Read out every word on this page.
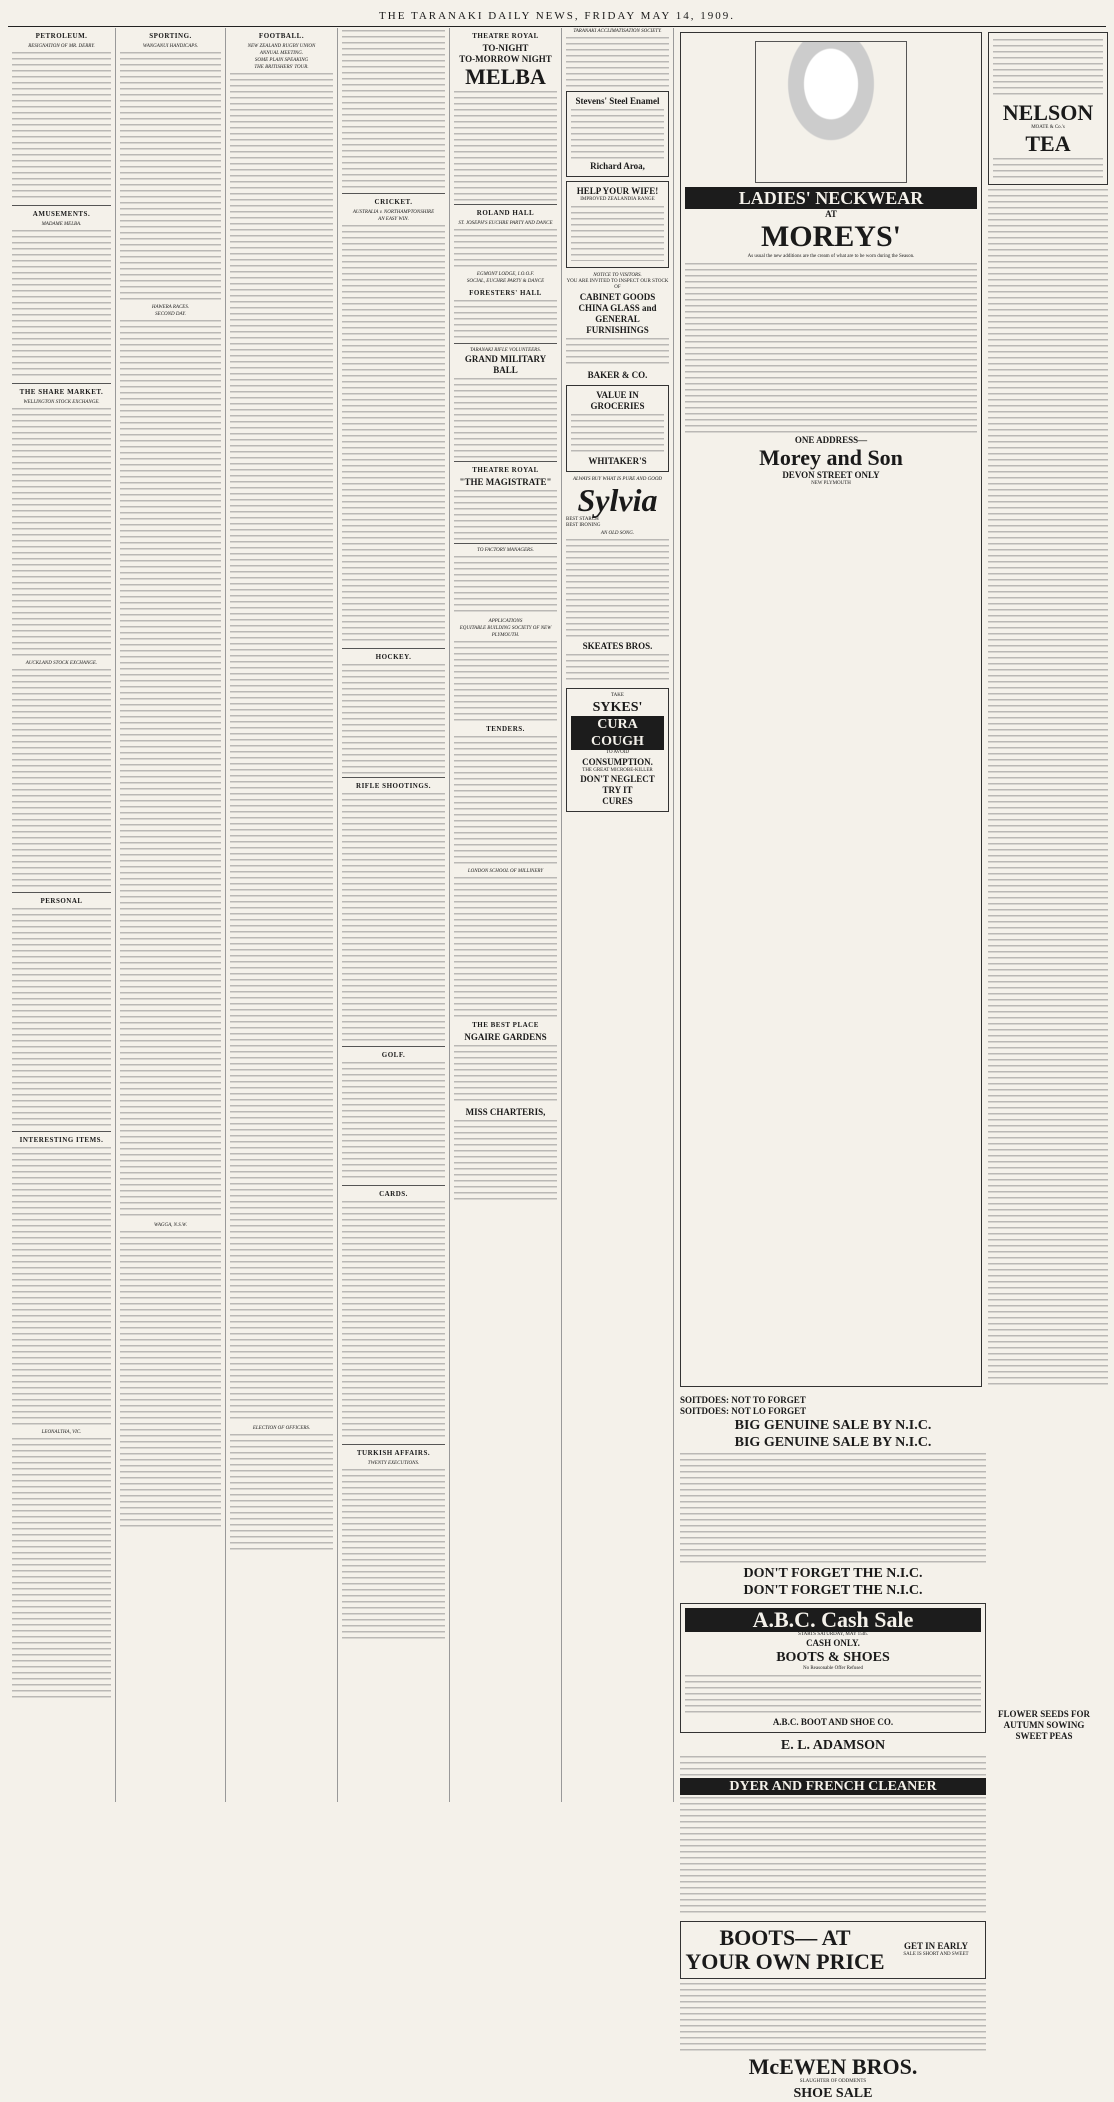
THE TARANAKI DAILY NEWS, FRIDAY MAY 14, 1909.
PETROLEUM.
RESIGNATION OF MR. DERRY.
AMUSEMENTS.
MADAME MELBA.
THE SHARE MARKET.
WELLINGTON STOCK EXCHANGE.
AUCKLAND STOCK EXCHANGE.
PERSONAL
INTERESTING ITEMS.
LEONALTHA, VIC.
SPORTING.
WANGANUI HANDICAPS.
HAWERA RACES.
SECOND DAY.
WAGGA, N.S.W.
FOOTBALL.
NEW ZEALAND RUGBY UNION
ANNUAL MEETING.
SOME PLAIN SPEAKING
THE BRITISHERS' TOUR.
ELECTION OF OFFICERS.
CRICKET.
AUSTRALIA v. NORTHAMPTONSHIRE
AN EASY WIN.
HOCKEY.
RIFLE SHOOTINGS.
GOLF.
CARDS.
TURKISH AFFAIRS.
TWENTY EXECUTIONS.
THEATRE ROYAL
TO-NIGHT
TO-MORROW NIGHT
MELBA
ROLAND HALL
ST. JOSEPH'S EUCHRE PARTY AND DANCE
EGMONT LODGE, I.O.O.F.
SOCIAL, EUCHRE PARTY & DANCE
FORESTERS' HALL
TARANAKI RIFLE VOLUNTEERS.
GRAND MILITARY BALL
THEATRE ROYAL
"THE MAGISTRATE"
TO FACTORY MANAGERS.
APPLICATIONS
EQUITABLE BUILDING SOCIETY OF NEW PLYMOUTH.
TENDERS.
LONDON SCHOOL OF MILLINERY
THE BEST PLACE
NGAIRE GARDENS
MISS CHARTERIS,
TARANAKI ACCLIMATISATION SOCIETY.
Stevens' Steel Enamel
Richard Aroa,
HELP YOUR WIFE!
IMPROVED ZEALANDIA RANGE
NOTICE TO VISITORS.
YOU ARE INVITED TO INSPECT OUR STOCK OF
CABINET GOODS CHINA GLASS and GENERAL FURNISHINGS
BAKER & CO.
VALUE IN GROCERIES
WHITAKER'S
ALWAYS BUY WHAT IS PURE AND GOOD
Sylvia
BEST STARCH
BEST IRONING
AN OLD SONG.
SKEATES BROS.
TAKE
SYKES'
CURA COUGH
TO AVOID
CONSUMPTION.
THE GREAT MICROBE-KILLER
DON'T NEGLECT
TRY IT
CURES
LADIES' NECKWEAR
AT
MOREYS'
As usual the new additions are the cream of what are to be worn during the Season.
ONE ADDRESS—
Morey and Son
DEVON STREET ONLY
NEW PLYMOUTH
NELSON
MOATE & Co.'s
TEA
SOITDOES: NOT TO FORGET
SOITDOES: NOT LO FORGET
BIG GENUINE SALE BY N.I.C.
BIG GENUINE SALE BY N.I.C.
DON'T FORGET THE N.I.C.
DON'T FORGET THE N.I.C.
A.B.C. Cash Sale
STARTS SATURDAY, MAY 15th.
CASH ONLY.
BOOTS & SHOES
No Reasonable Offer Refused
A.B.C. BOOT AND SHOE CO.
E. L. ADAMSON
DYER AND FRENCH CLEANER
BOOTS— AT YOUR OWN PRICE
GET IN EARLY
SALE IS SHORT AND SWEET
McEWEN BROS.
SLAUGHTER OF ODDMENTS
SHOE SALE
FLOWER SEEDS FOR AUTUMN SOWING
SWEET PEAS
